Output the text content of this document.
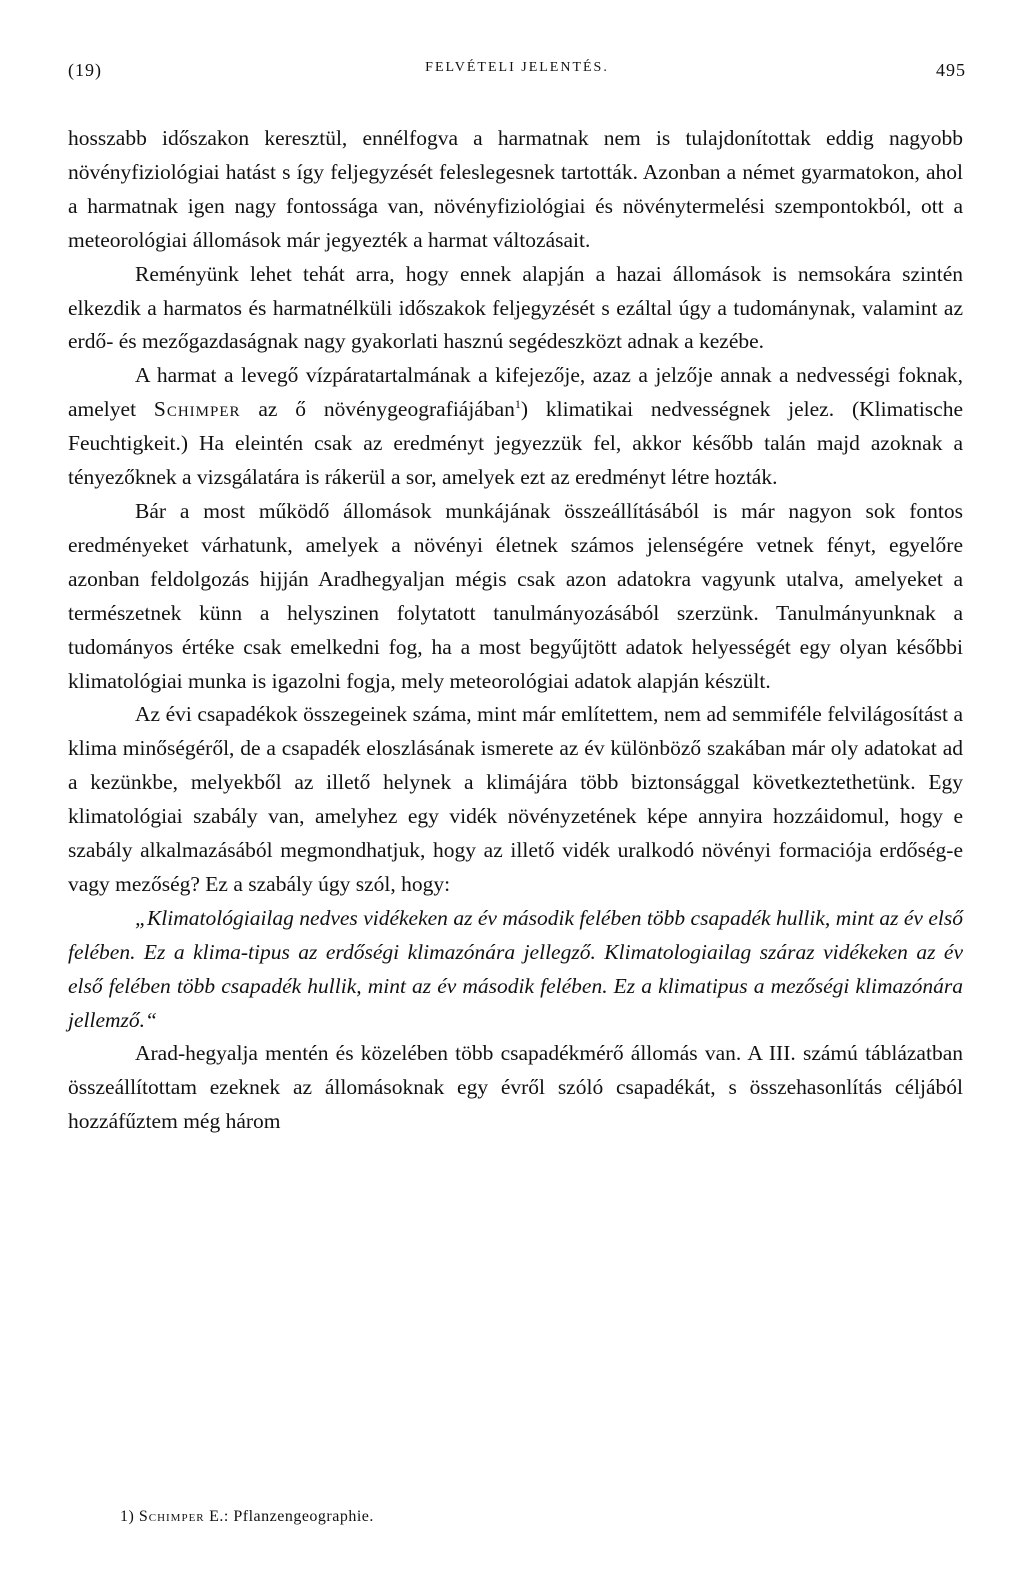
(19)	FELVÉTELI JELENTÉS.	495

hosszabb időszakon keresztül, ennélfogva a harmatnak nem is tulajdonítottak eddig nagyobb növényfiziológiai hatást s így feljegyzését feleslegesnek tartották. Azonban a német gyarmatokon, ahol a harmatnak igen nagy fontossága van, növényfiziológiai és növénytermelési szempontokból, ott a meteorológiai állomások már jegyezték a harmat változásait.

Reményünk lehet tehát arra, hogy ennek alapján a hazai állomások is nemsokára szintén elkezdik a harmatos és harmatnélküli időszakok feljegyzését s ezáltal úgy a tudománynak, valamint az erdő- és mezőgazdaságnak nagy gyakorlati hasznú segédeszközt adnak a kezébe.

A harmat a levegő vízpáratartalmának a kifejezője, azaz a jelzője annak a nedvességi foknak, amelyet Schimper az ő növénygeografiájában$^1$) klimatikai nedvességnek jelez. (Klimatische Feuchtigkeit.) Ha eleintén csak az eredményt jegyezzük fel, akkor később talán majd azoknak a tényezőknek a vizsgálatára is rákerül a sor, amelyek ezt az eredményt létre hozták.

Bár a most működő állomások munkájának összeállításából is már nagyon sok fontos eredményeket várhatunk, amelyek a növényi életnek számos jelenségére vetnek fényt, egyelőre azonban feldolgozás hijján Aradhegyaljan mégis csak azon adatokra vagyunk utalva, amelyeket a természetnek künn a helyszinen folytatott tanulmányozásából szerzünk. Tanulmányunknak a tudományos értéke csak emelkedni fog, ha a most begyűjtött adatok helyességét egy olyan későbbi klimatológiai munka is igazolni fogja, mely meteorológiai adatok alapján készült.

Az évi csapadékok összegeinek száma, mint már említettem, nem ad semmiféle felvilágosítást a klima minőségéről, de a csapadék eloszlásának ismerete az év különböző szakában már oly adatokat ad a kezünkbe, melyekből az illető helynek a klimájára több biztonsággal következtethetünk. Egy klimatológiai szabály van, amelyhez egy vidék növényzetének képe annyira hozzáidomul, hogy e szabály alkalmazásából megmondhatjuk, hogy az illető vidék uralkodó növényi formaciója erdőség-e vagy mezőség? Ez a szabály úgy szól, hogy:

„Klimatológiailag nedves vidékeken az év második felében több csapadék hullik, mint az év első felében. Ez a klima-tipus az erdőségi klimazónára jellegző. Klimatologiailag száraz vidékeken az év első felében több csapadék hullik, mint az év második felében. Ez a klimatipus a mezőségi klimazónára jellemző.“

Arad-hegyalja mentén és közelében több csapadékmérő állomás van. A III. számú táblázatban összeállítottam ezeknek az állomásoknak egy évről szóló csapadékát, s összehasonlítás céljából hozzáfűztem még három

1) Schimper E.: Pflanzengeographie.
